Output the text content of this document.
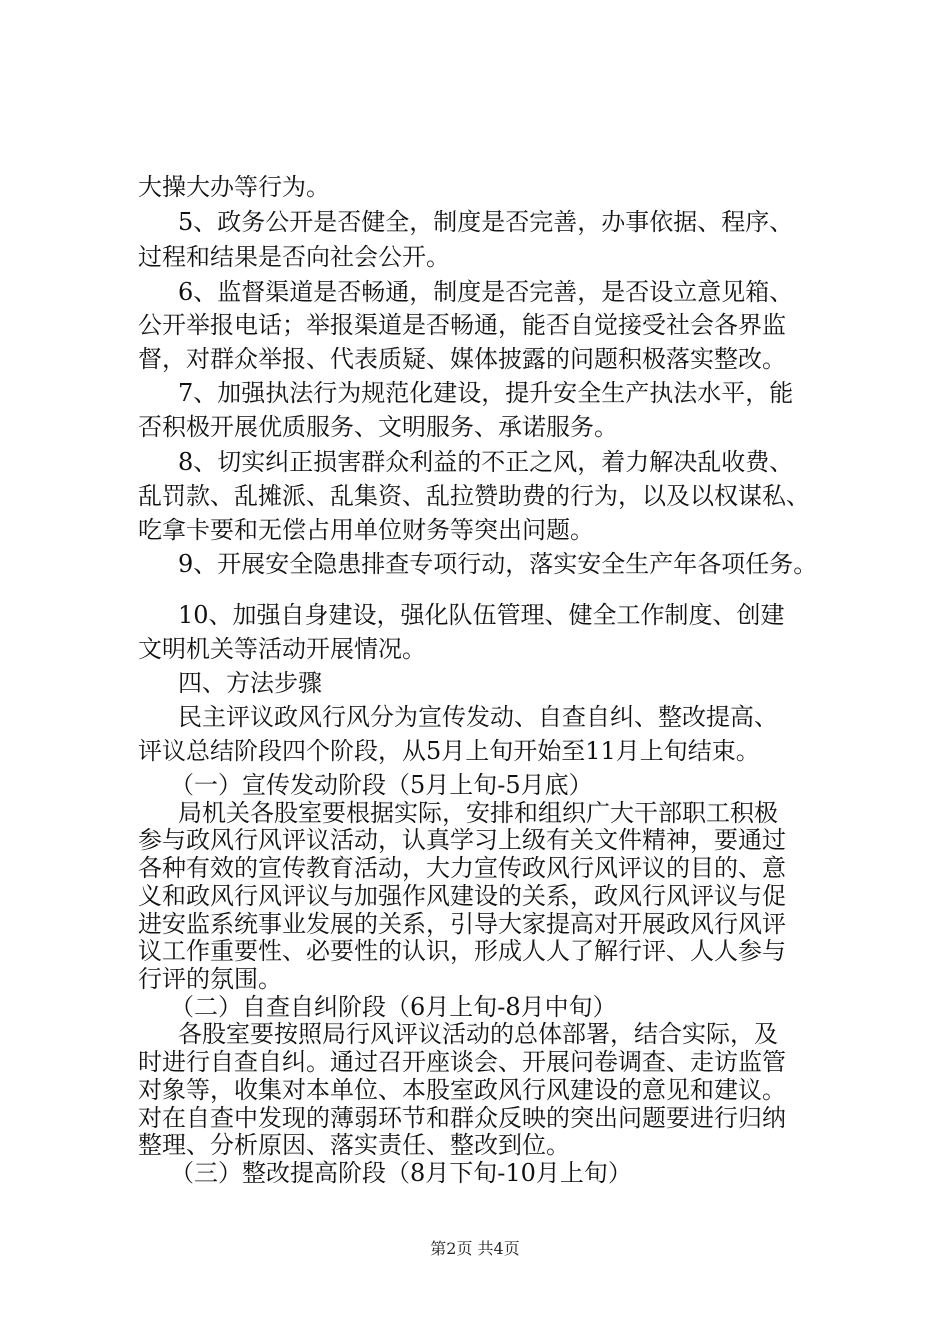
大操大办等行为。
5、政务公开是否健全，制度是否完善，办事依据、程序、
过程和结果是否向社会公开。
6、监督渠道是否畅通，制度是否完善，是否设立意见箱、
公开举报电话；举报渠道是否畅通，能否自觉接受社会各界监
督，对群众举报、代表质疑、媒体披露的问题积极落实整改。
7、加强执法行为规范化建设，提升安全生产执法水平，能
否积极开展优质服务、文明服务、承诺服务。
8、切实纠正损害群众利益的不正之风，着力解决乱收费、
乱罚款、乱摊派、乱集资、乱拉赞助费的行为，以及以权谋私、
吃拿卡要和无偿占用单位财务等突出问题。
9、开展安全隐患排查专项行动，落实安全生产年各项任务。
10、加强自身建设，强化队伍管理、健全工作制度、创建
文明机关等活动开展情况。
四、方法步骤
民主评议政风行风分为宣传发动、自查自纠、整改提高、
评议总结阶段四个阶段，从5月上旬开始至11月上旬结束。
（一）宣传发动阶段（5月上旬-5月底）
局机关各股室要根据实际，安排和组织广大干部职工积极
参与政风行风评议活动，认真学习上级有关文件精神，要通过
各种有效的宣传教育活动，大力宣传政风行风评议的目的、意
义和政风行风评议与加强作风建设的关系，政风行风评议与促
进安监系统事业发展的关系，引导大家提高对开展政风行风评
议工作重要性、必要性的认识，形成人人了解行评、人人参与
行评的氛围。
（二）自查自纠阶段（6月上旬-8月中旬）
各股室要按照局行风评议活动的总体部署，结合实际，及
时进行自查自纠。通过召开座谈会、开展问卷调查、走访监管
对象等，收集对本单位、本股室政风行风建设的意见和建议。
对在自查中发现的薄弱环节和群众反映的突出问题要进行归纳
整理、分析原因、落实责任、整改到位。
（三）整改提高阶段（8月下旬-10月上旬）
第2页 共4页
